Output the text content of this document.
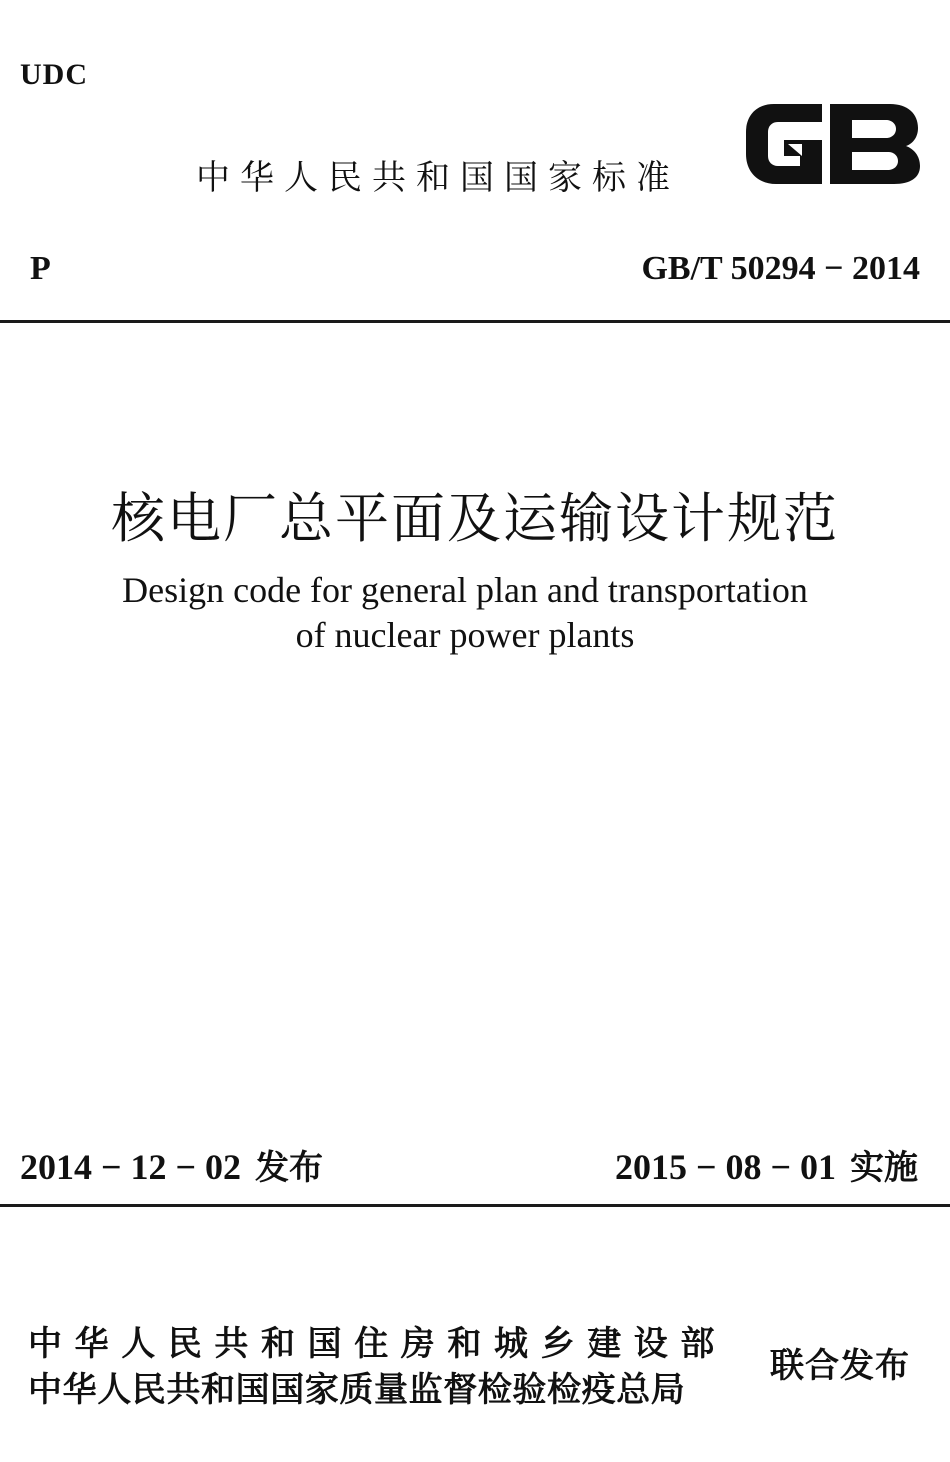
UDC
中华人民共和国国家标准
P	GB/T 50294 − 2014
核电厂总平面及运输设计规范
Design code for general plan and transportation
of nuclear power plants
2014 − 12 − 02 发布	2015 − 08 − 01 实施
中华人民共和国住房和城乡建设部
中华人民共和国国家质量监督检验检疫总局
联合发布
